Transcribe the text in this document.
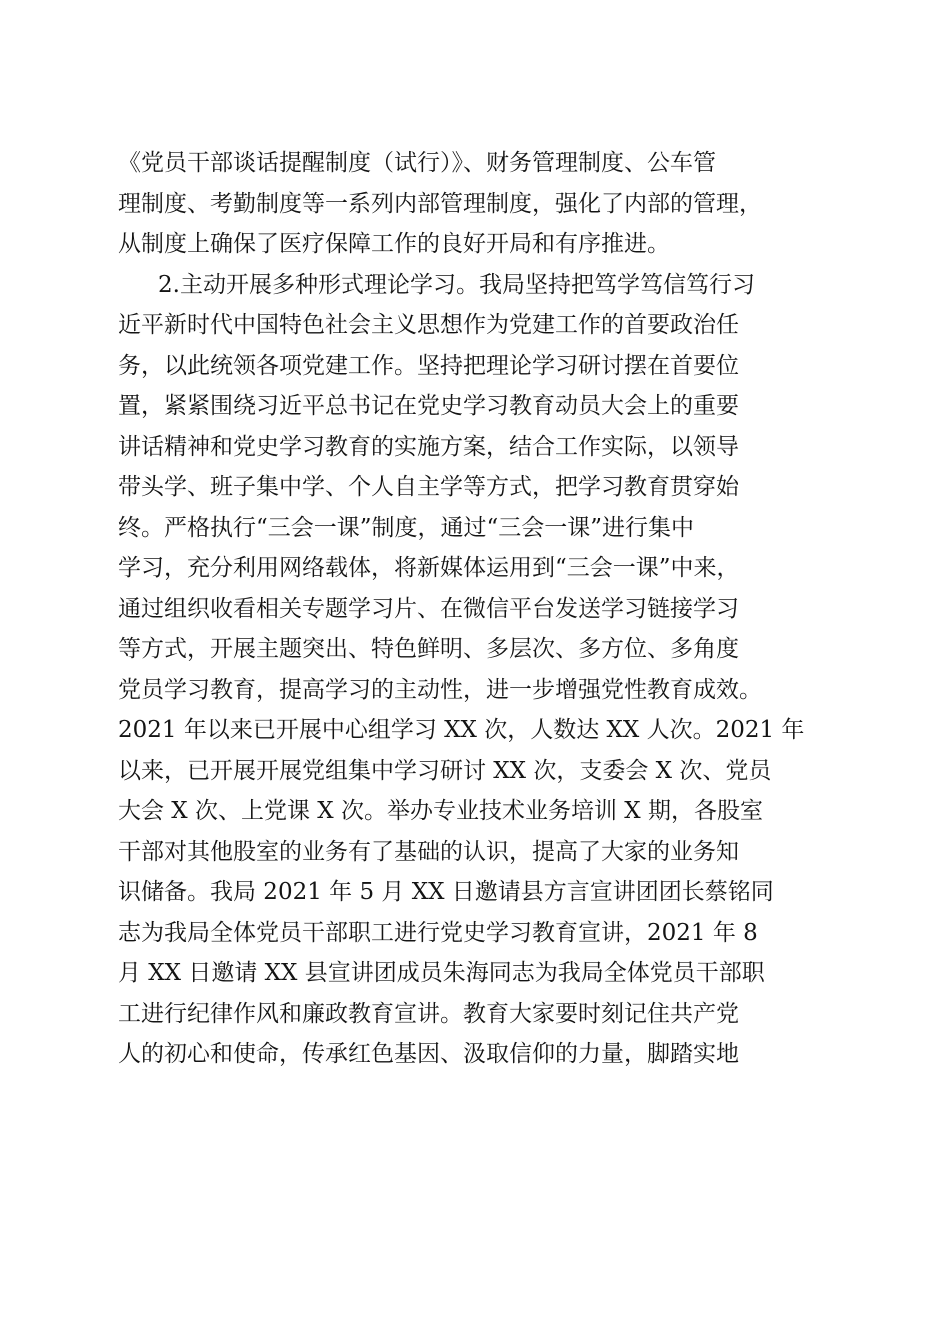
《党员干部谈话提醒制度（试行）》、财务管理制度、公车管
理制度、考勤制度等一系列内部管理制度，强化了内部的管理，
从制度上确保了医疗保障工作的良好开局和有序推进。
2.主动开展多种形式理论学习。我局坚持把笃学笃信笃行习
近平新时代中国特色社会主义思想作为党建工作的首要政治任
务，以此统领各项党建工作。坚持把理论学习研讨摆在首要位
置，紧紧围绕习近平总书记在党史学习教育动员大会上的重要
讲话精神和党史学习教育的实施方案，结合工作实际，以领导
带头学、班子集中学、个人自主学等方式，把学习教育贯穿始
终。严格执行“三会一课”制度，通过“三会一课”进行集中
学习，充分利用网络载体，将新媒体运用到“三会一课”中来，
通过组织收看相关专题学习片、在微信平台发送学习链接学习
等方式，开展主题突出、特色鲜明、多层次、多方位、多角度
党员学习教育，提高学习的主动性，进一步增强党性教育成效。
2021 年以来已开展中心组学习 XX 次，人数达 XX 人次。2021 年
以来，已开展开展党组集中学习研讨 XX 次，支委会 X 次、党员
大会 X 次、上党课 X 次。举办专业技术业务培训 X 期，各股室
干部对其他股室的业务有了基础的认识，提高了大家的业务知
识储备。我局 2021 年 5 月 XX 日邀请县方言宣讲团团长蔡铭同
志为我局全体党员干部职工进行党史学习教育宣讲，2021 年 8
月 XX 日邀请 XX 县宣讲团成员朱海同志为我局全体党员干部职
工进行纪律作风和廉政教育宣讲。教育大家要时刻记住共产党
人的初心和使命，传承红色基因、汲取信仰的力量，脚踏实地
